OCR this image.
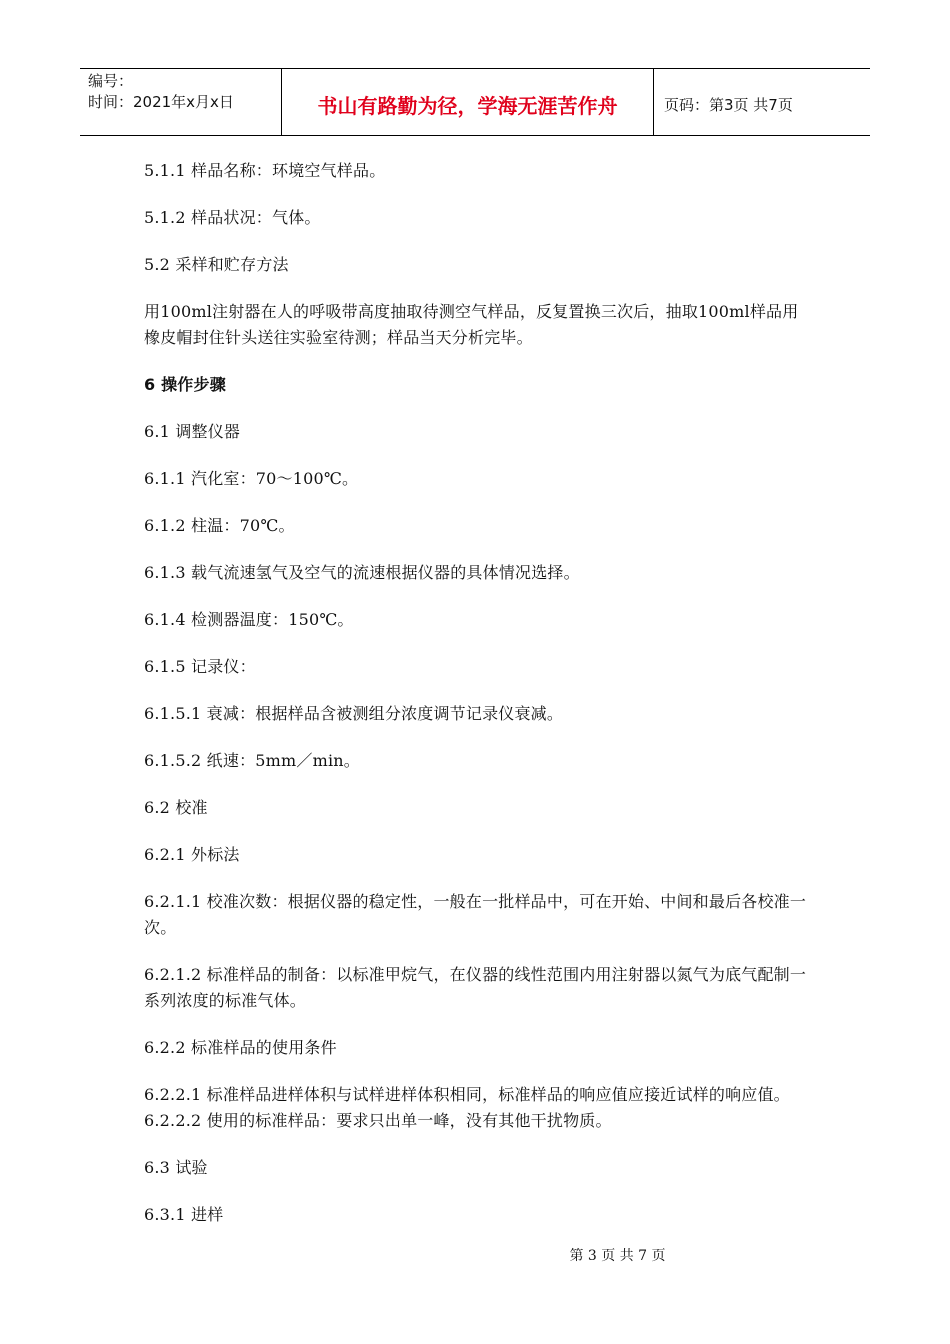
编号：
时间：2021年x月x日	书山有路勤为径，学海无涯苦作舟	页码：第3页 共7页

5.1.1 样品名称：环境空气样品。

5.1.2 样品状况：气体。

5.2 采样和贮存方法

用100ml注射器在人的呼吸带高度抽取待测空气样品，反复置换三次后，抽取100ml样品用橡皮帽封住针头送往实验室待测；样品当天分析完毕。

6 操作步骤

6.1 调整仪器

6.1.1 汽化室：70～100℃。

6.1.2 柱温：70℃。

6.1.3 载气流速氢气及空气的流速根据仪器的具体情况选择。

6.1.4 检测器温度：150℃。

6.1.5 记录仪：

6.1.5.1 衰减：根据样品含被测组分浓度调节记录仪衰减。

6.1.5.2 纸速：5mm／min。

6.2 校准

6.2.1 外标法

6.2.1.1 校准次数：根据仪器的稳定性，一般在一批样品中，可在开始、中间和最后各校准一次。

6.2.1.2 标准样品的制备：以标准甲烷气，在仪器的线性范围内用注射器以氮气为底气配制一系列浓度的标准气体。

6.2.2 标准样品的使用条件

6.2.2.1 标准样品进样体积与试样进样体积相同，标准样品的响应值应接近试样的响应值。6.2.2.2 使用的标准样品：要求只出单一峰，没有其他干扰物质。

6.3 试验

6.3.1 进样

第 3 页 共 7 页
